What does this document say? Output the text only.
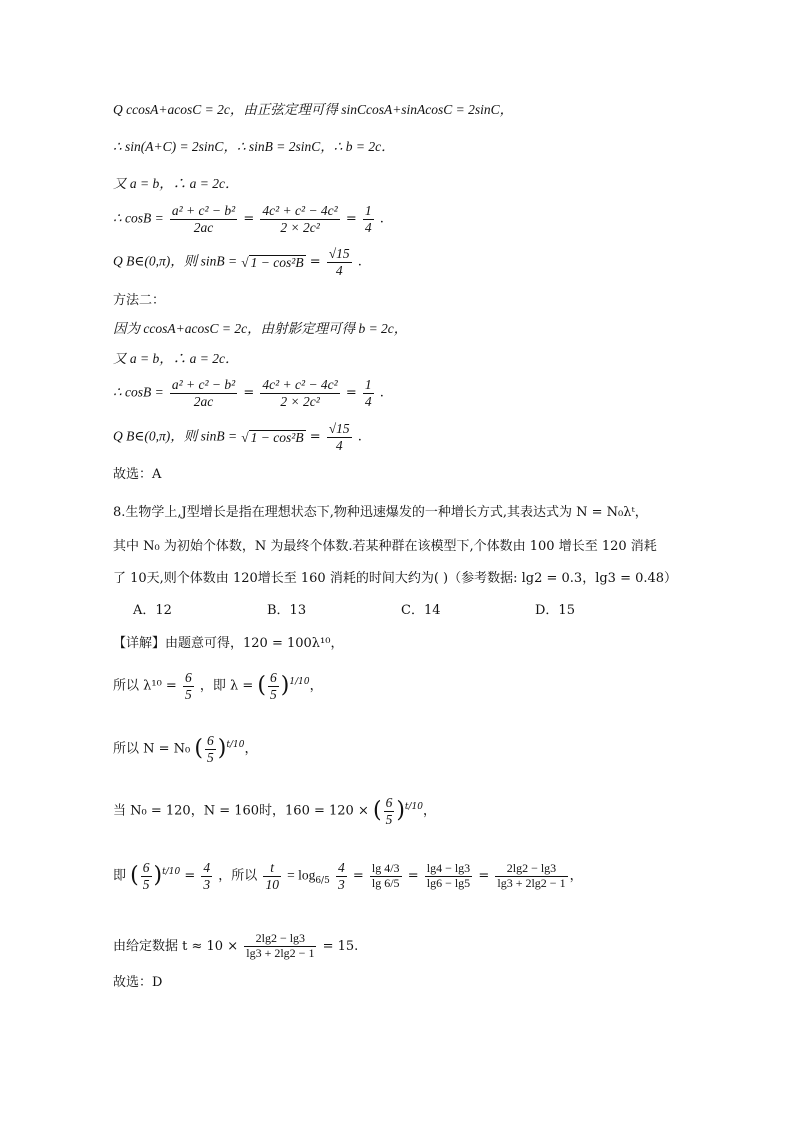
Q ccosA+acosC = 2c，由正弦定理可得 sinCcosA+sinAcosC = 2sinC，
∴ sin(A+C) = 2sinC，∴ sinB = 2sinC，∴ b = 2c．
又 a = b，∴ a = 2c．
∴ $\cos B = \frac{\text{a² + c² − b²}}{2ac} = \frac{\text{4c² + c² − 4c²}}{\text{2 × 2c²}} = \frac{1}{4}$ .
Q B∈(0,π)，则 sinB = √ $1 - \cos^2B = \frac{√15}{4}$ .
方法二：
因为 ccosA+acosC = 2c，由射影定理可得 b = 2c，
又 a = b，∴ a = 2c．
∴ $\cos B = \frac{\text{a² + c² − b²}}{2ac} = \frac{\text{4c² + c² − 4c²}}{\text{2 × 2c²}} = \frac{1}{4}$ .
Q B∈(0,π)，则 sinB = √ $1 - \cos^2B = \frac{√15}{4}$ .
故选：A
8.生物学上,J型增长是指在理想状态下,物种迅速爆发的一种增长方式,其表达式为 N = N₀λᵗ，
其中 N₀ 为初始个体数，N 为最终个体数.若某种群在该模型下,个体数由 100 增长至 120 消耗
了 10天,则个体数由 120增长至 160 消耗的时间大约为( )（参考数据: lg2 = 0.3，lg3 = 0.48）
A．12	B．13	C．14	D．15
【详解】由题意可得，120 = 100λ¹⁰，
所以 $\lambda^{10} = \frac{6}{5}$ ，即 λ = ( $\frac{6}{5} )^{1/10}$，
所以 N = N₀ ( $\frac{6}{5} )^{t/10}$，
当 N₀ = 120，N = 160时，160 = 120 × ( $\frac{6}{5} )^{t/10}$，
即 ( $\frac{6}{5} )^{t/10} = \frac{4}{3}$ ，所以 $\frac{t}{10} = \log_{6/5} \frac{4}{3} = \frac{\lg 4/3}{\lg 6/5} = \frac{\lg 4 - \lg 3}{\lg 6 - \lg 5} = \frac{2\lg 2 - \lg 3}{\lg 3 + 2\lg 2 - 1}$ ，
由给定数据 $t \approx 10 \times \frac{2\lg 2 - \lg 3}{\lg 3 + 2\lg 2 - 1} = 15$.
故选：D
